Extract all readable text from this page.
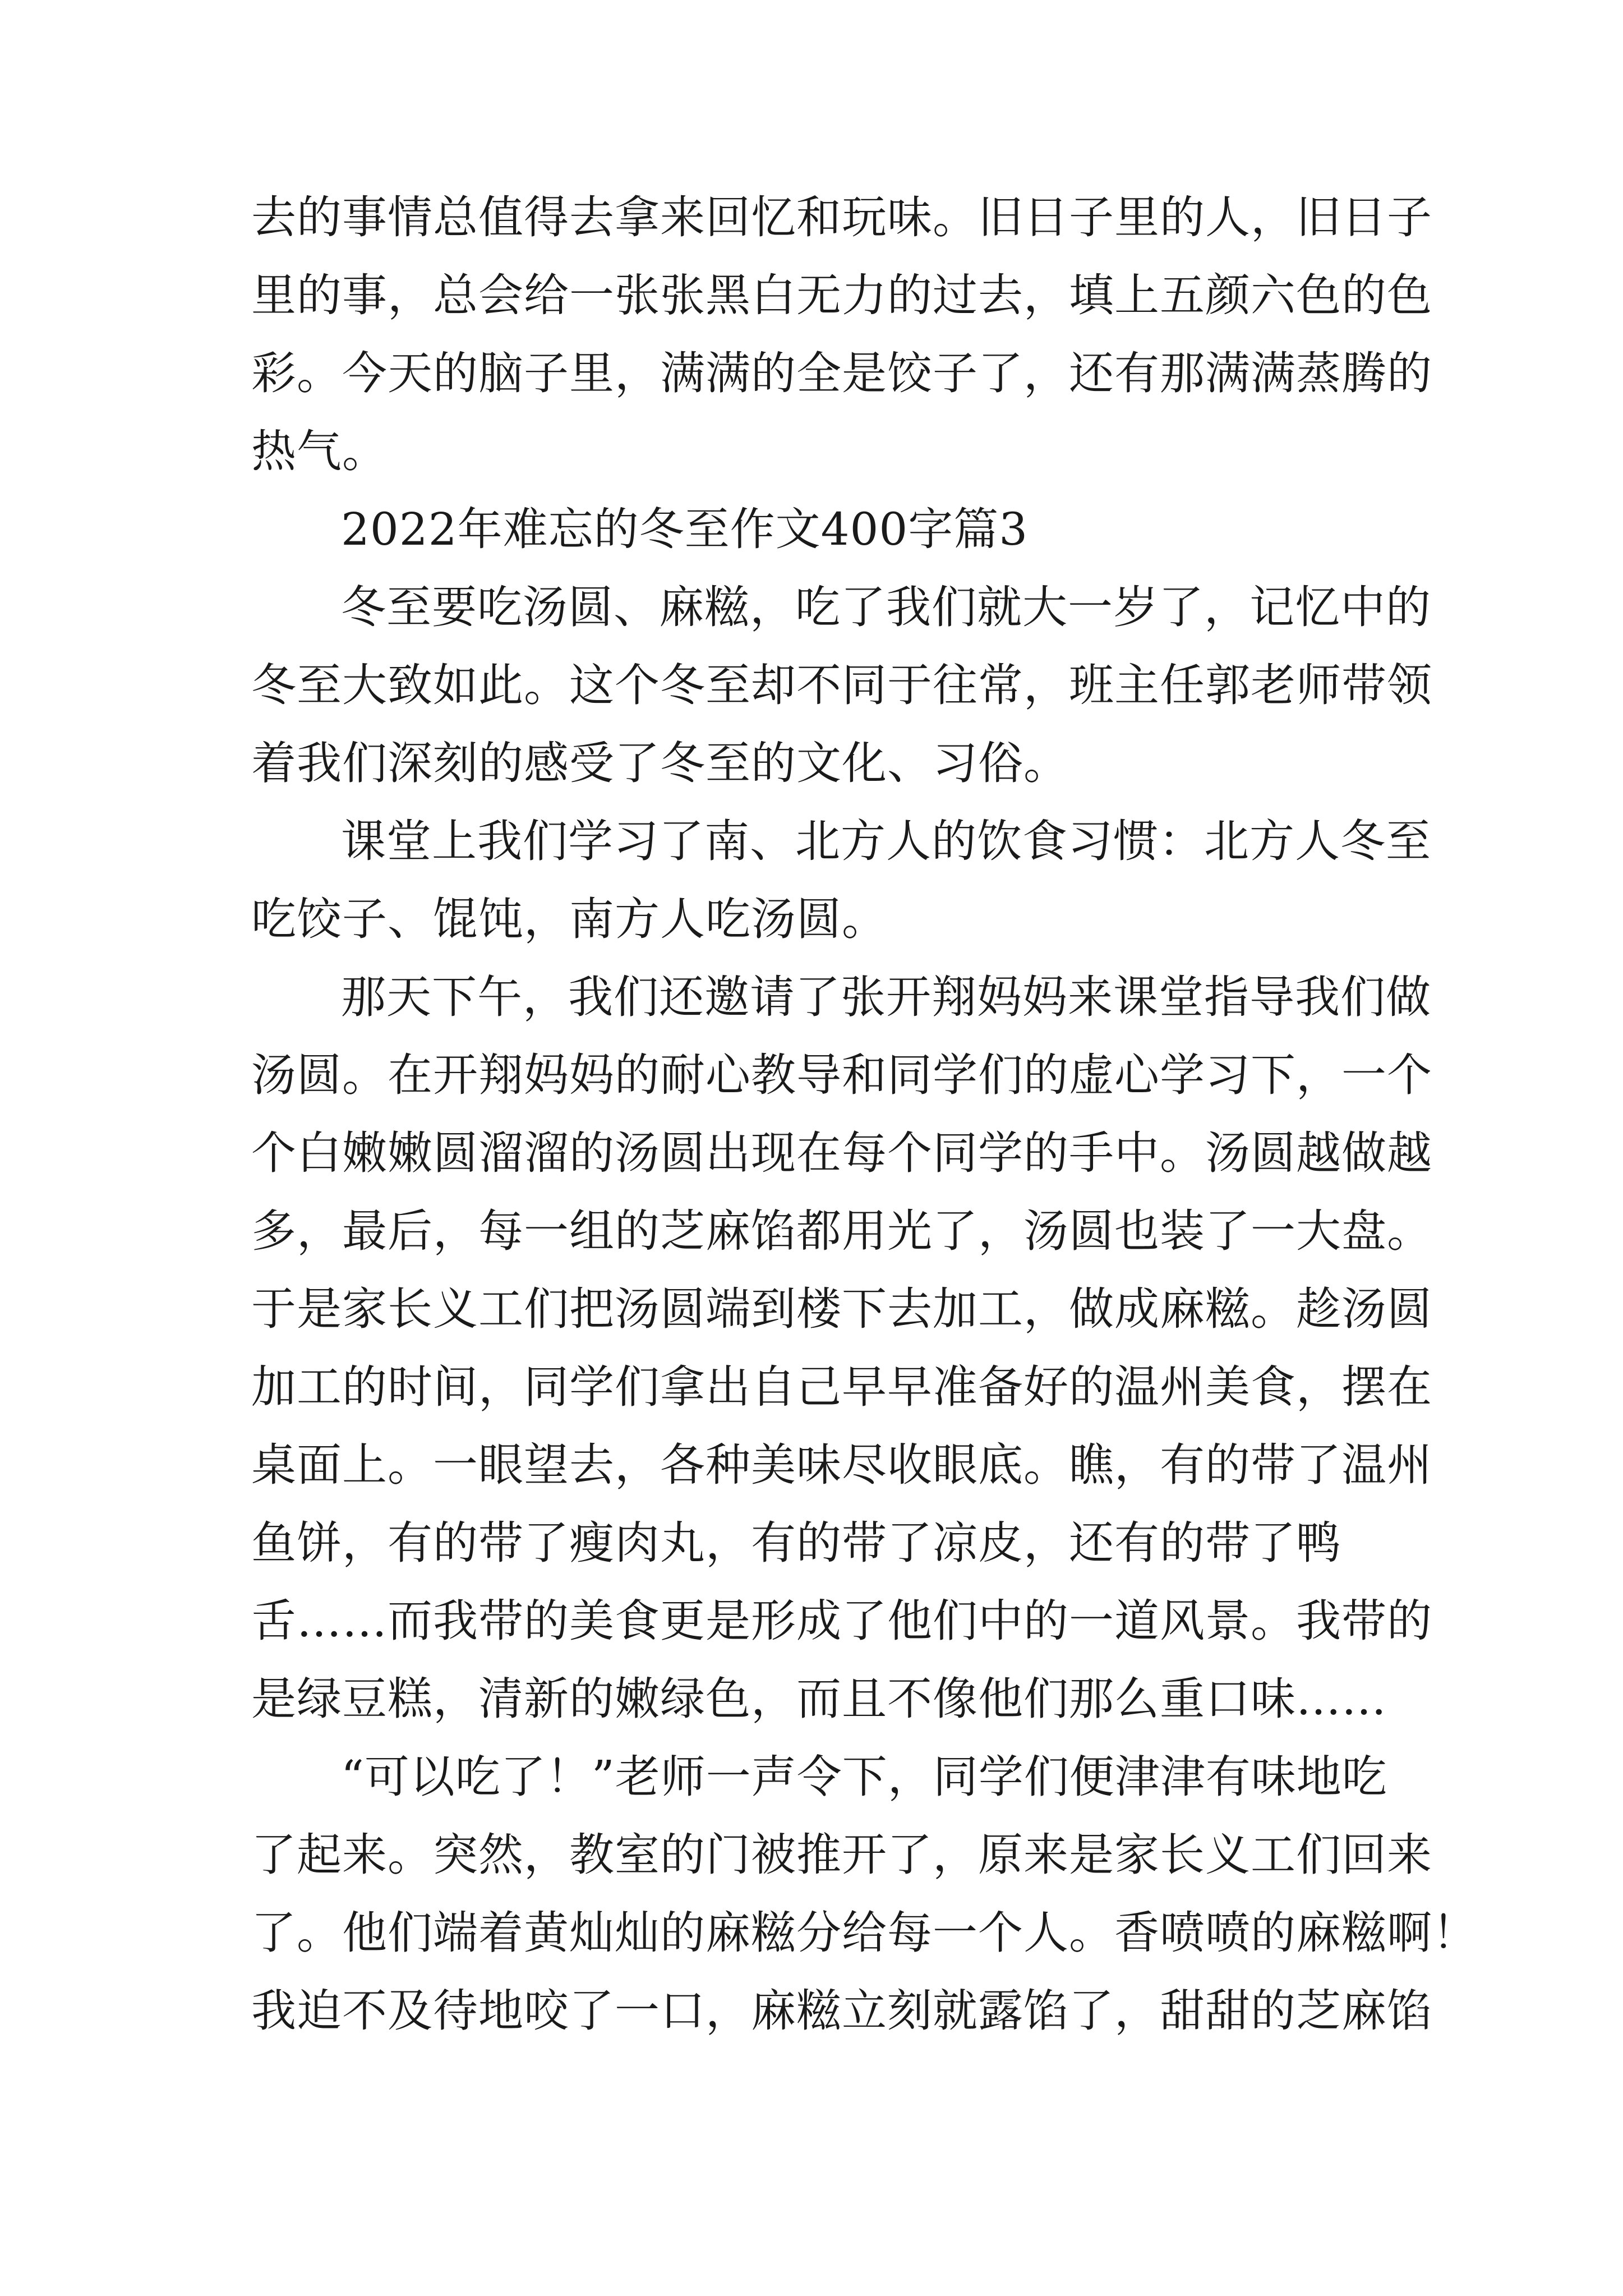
去的事情总值得去拿来回忆和玩味。旧日子里的人，旧日子
里的事，总会给一张张黑白无力的过去，填上五颜六色的色
彩。今天的脑子里，满满的全是饺子了，还有那满满蒸腾的
热气。
2022年难忘的冬至作文400字篇3
冬至要吃汤圆、麻糍，吃了我们就大一岁了，记忆中的
冬至大致如此。这个冬至却不同于往常，班主任郭老师带领
着我们深刻的感受了冬至的文化、习俗。
课堂上我们学习了南、北方人的饮食习惯：北方人冬至
吃饺子、馄饨，南方人吃汤圆。
那天下午，我们还邀请了张开翔妈妈来课堂指导我们做
汤圆。在开翔妈妈的耐心教导和同学们的虚心学习下，一个
个白嫩嫩圆溜溜的汤圆出现在每个同学的手中。汤圆越做越
多，最后，每一组的芝麻馅都用光了，汤圆也装了一大盘。
于是家长义工们把汤圆端到楼下去加工，做成麻糍。趁汤圆
加工的时间，同学们拿出自己早早准备好的温州美食，摆在
桌面上。一眼望去，各种美味尽收眼底。瞧，有的带了温州
鱼饼，有的带了瘦肉丸，有的带了凉皮，还有的带了鸭
舌……而我带的美食更是形成了他们中的一道风景。我带的
是绿豆糕，清新的嫩绿色，而且不像他们那么重口味……
“可以吃了！”老师一声令下，同学们便津津有味地吃
了起来。突然，教室的门被推开了，原来是家长义工们回来
了。他们端着黄灿灿的麻糍分给每一个人。香喷喷的麻糍啊！
我迫不及待地咬了一口，麻糍立刻就露馅了，甜甜的芝麻馅
